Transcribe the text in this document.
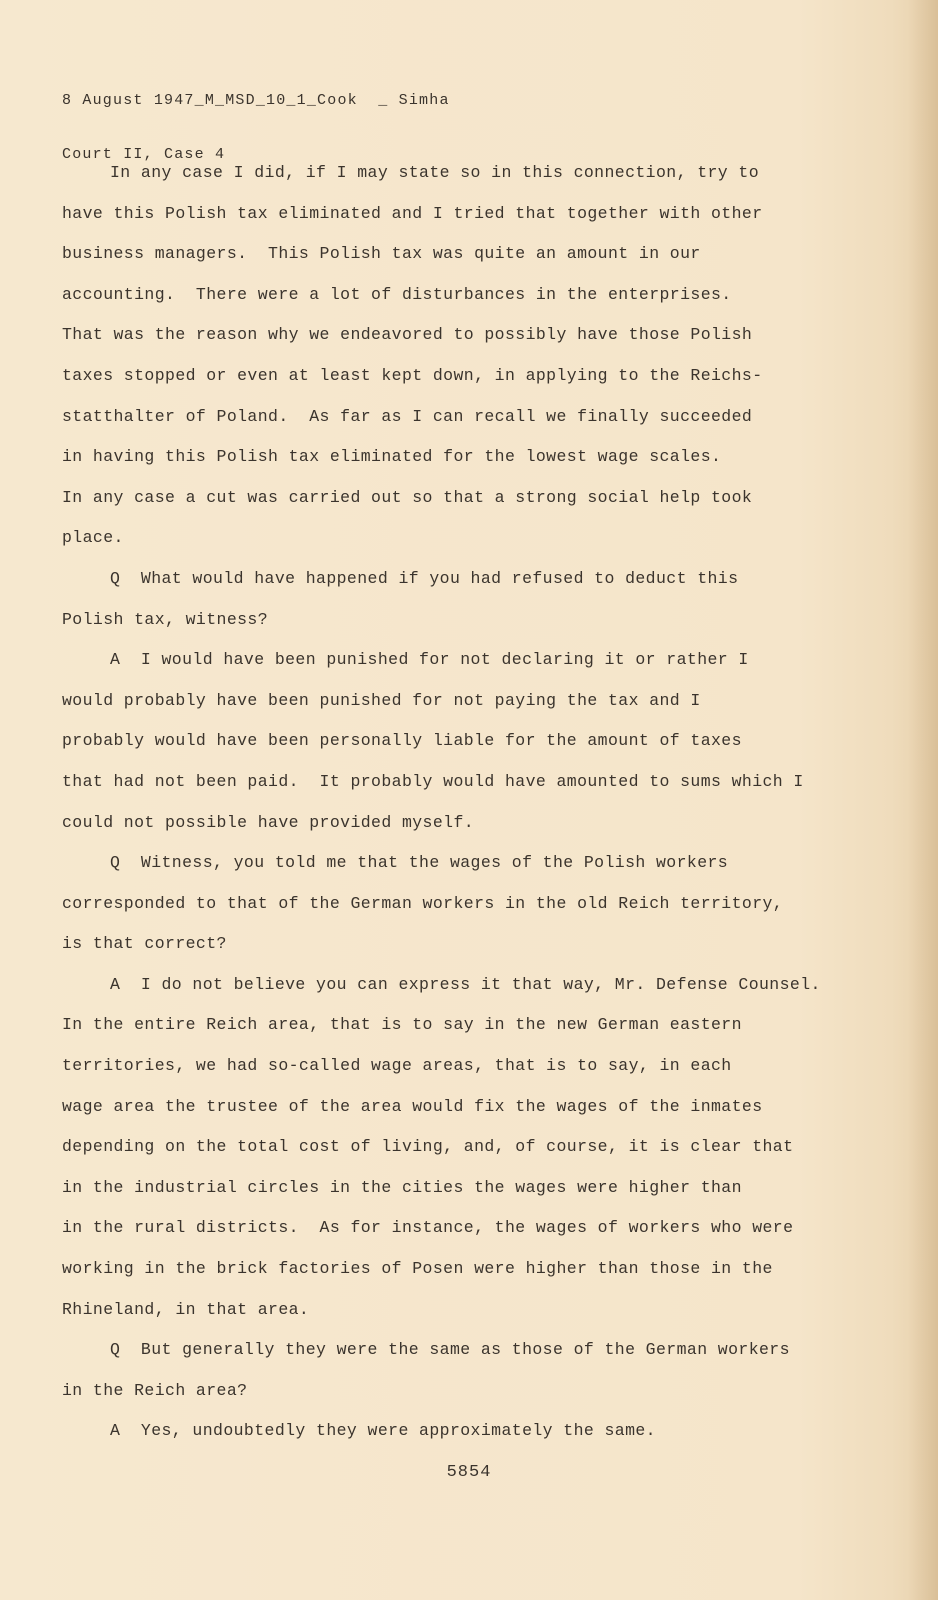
8 August 1947_M_MSD_10_1_Cook  _ Simha

Court II, Case 4

In any case I did, if I may state so in this connection, try to
have this Polish tax eliminated and I tried that together with other
business managers.  This Polish tax was quite an amount in our
accounting.  There were a lot of disturbances in the enterprises.
That was the reason why we endeavored to possibly have those Polish
taxes stopped or even at least kept down, in applying to the Reichs-
statthalter of Poland.  As far as I can recall we finally succeeded
in having this Polish tax eliminated for the lowest wage scales.
In any case a cut was carried out so that a strong social help took
place.
Q  What would have happened if you had refused to deduct this
Polish tax, witness?
A  I would have been punished for not declaring it or rather I
would probably have been punished for not paying the tax and I
probably would have been personally liable for the amount of taxes
that had not been paid.  It probably would have amounted to sums which I
could not possible have provided myself.
Q  Witness, you told me that the wages of the Polish workers
corresponded to that of the German workers in the old Reich territory,
is that correct?
A  I do not believe you can express it that way, Mr. Defense Counsel.
In the entire Reich area, that is to say in the new German eastern
territories, we had so-called wage areas, that is to say, in each
wage area the trustee of the area would fix the wages of the inmates
depending on the total cost of living, and, of course, it is clear that
in the industrial circles in the cities the wages were higher than
in the rural districts.  As for instance, the wages of workers who were
working in the brick factories of Posen were higher than those in the
Rhineland, in that area.
Q  But generally they were the same as those of the German workers
in the Reich area?
A  Yes, undoubtedly they were approximately the same.
5854
